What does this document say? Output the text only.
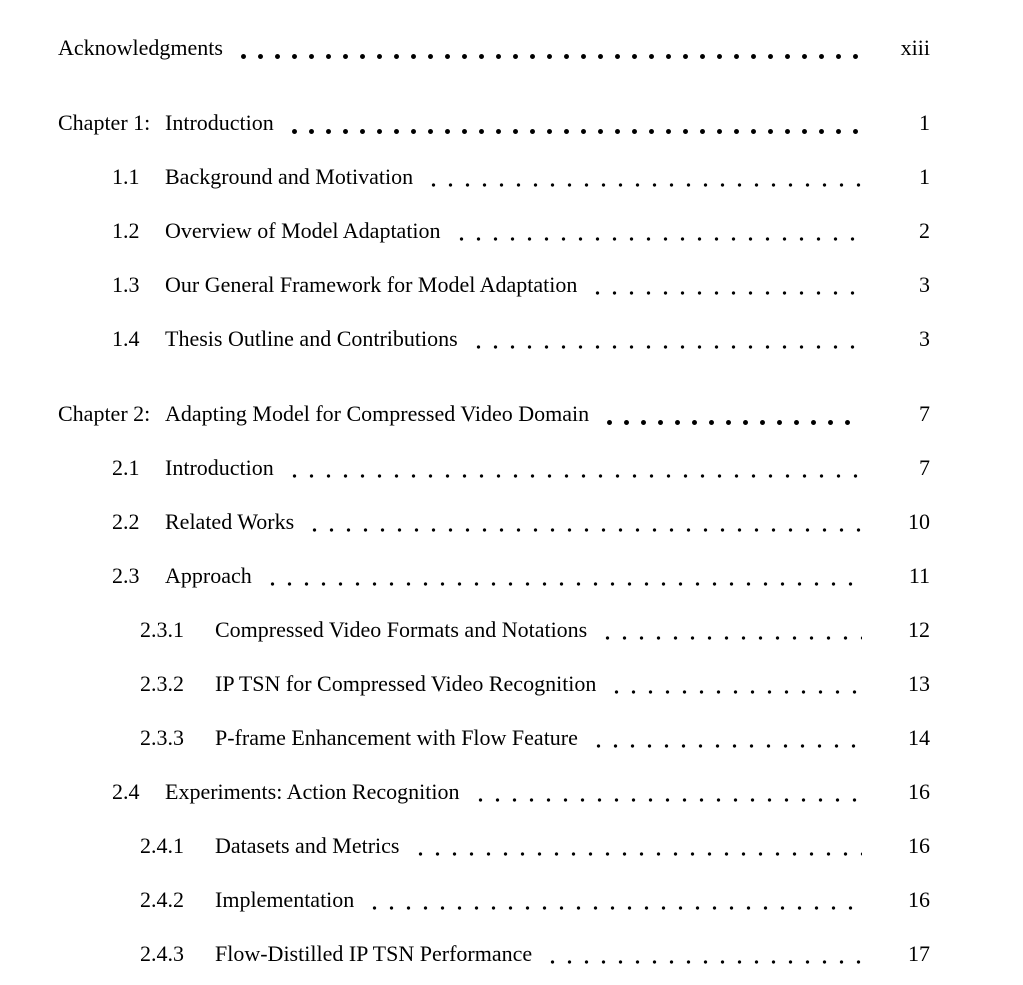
Acknowledgments	xiii
Chapter 1: Introduction	1
1.1	Background and Motivation	1
1.2	Overview of Model Adaptation	2
1.3	Our General Framework for Model Adaptation	3
1.4	Thesis Outline and Contributions	3
Chapter 2: Adapting Model for Compressed Video Domain	7
2.1	Introduction	7
2.2	Related Works	10
2.3	Approach	11
2.3.1	Compressed Video Formats and Notations	12
2.3.2	IP TSN for Compressed Video Recognition	13
2.3.3	P-frame Enhancement with Flow Feature	14
2.4	Experiments: Action Recognition	16
2.4.1	Datasets and Metrics	16
2.4.2	Implementation	16
2.4.3	Flow-Distilled IP TSN Performance	17
